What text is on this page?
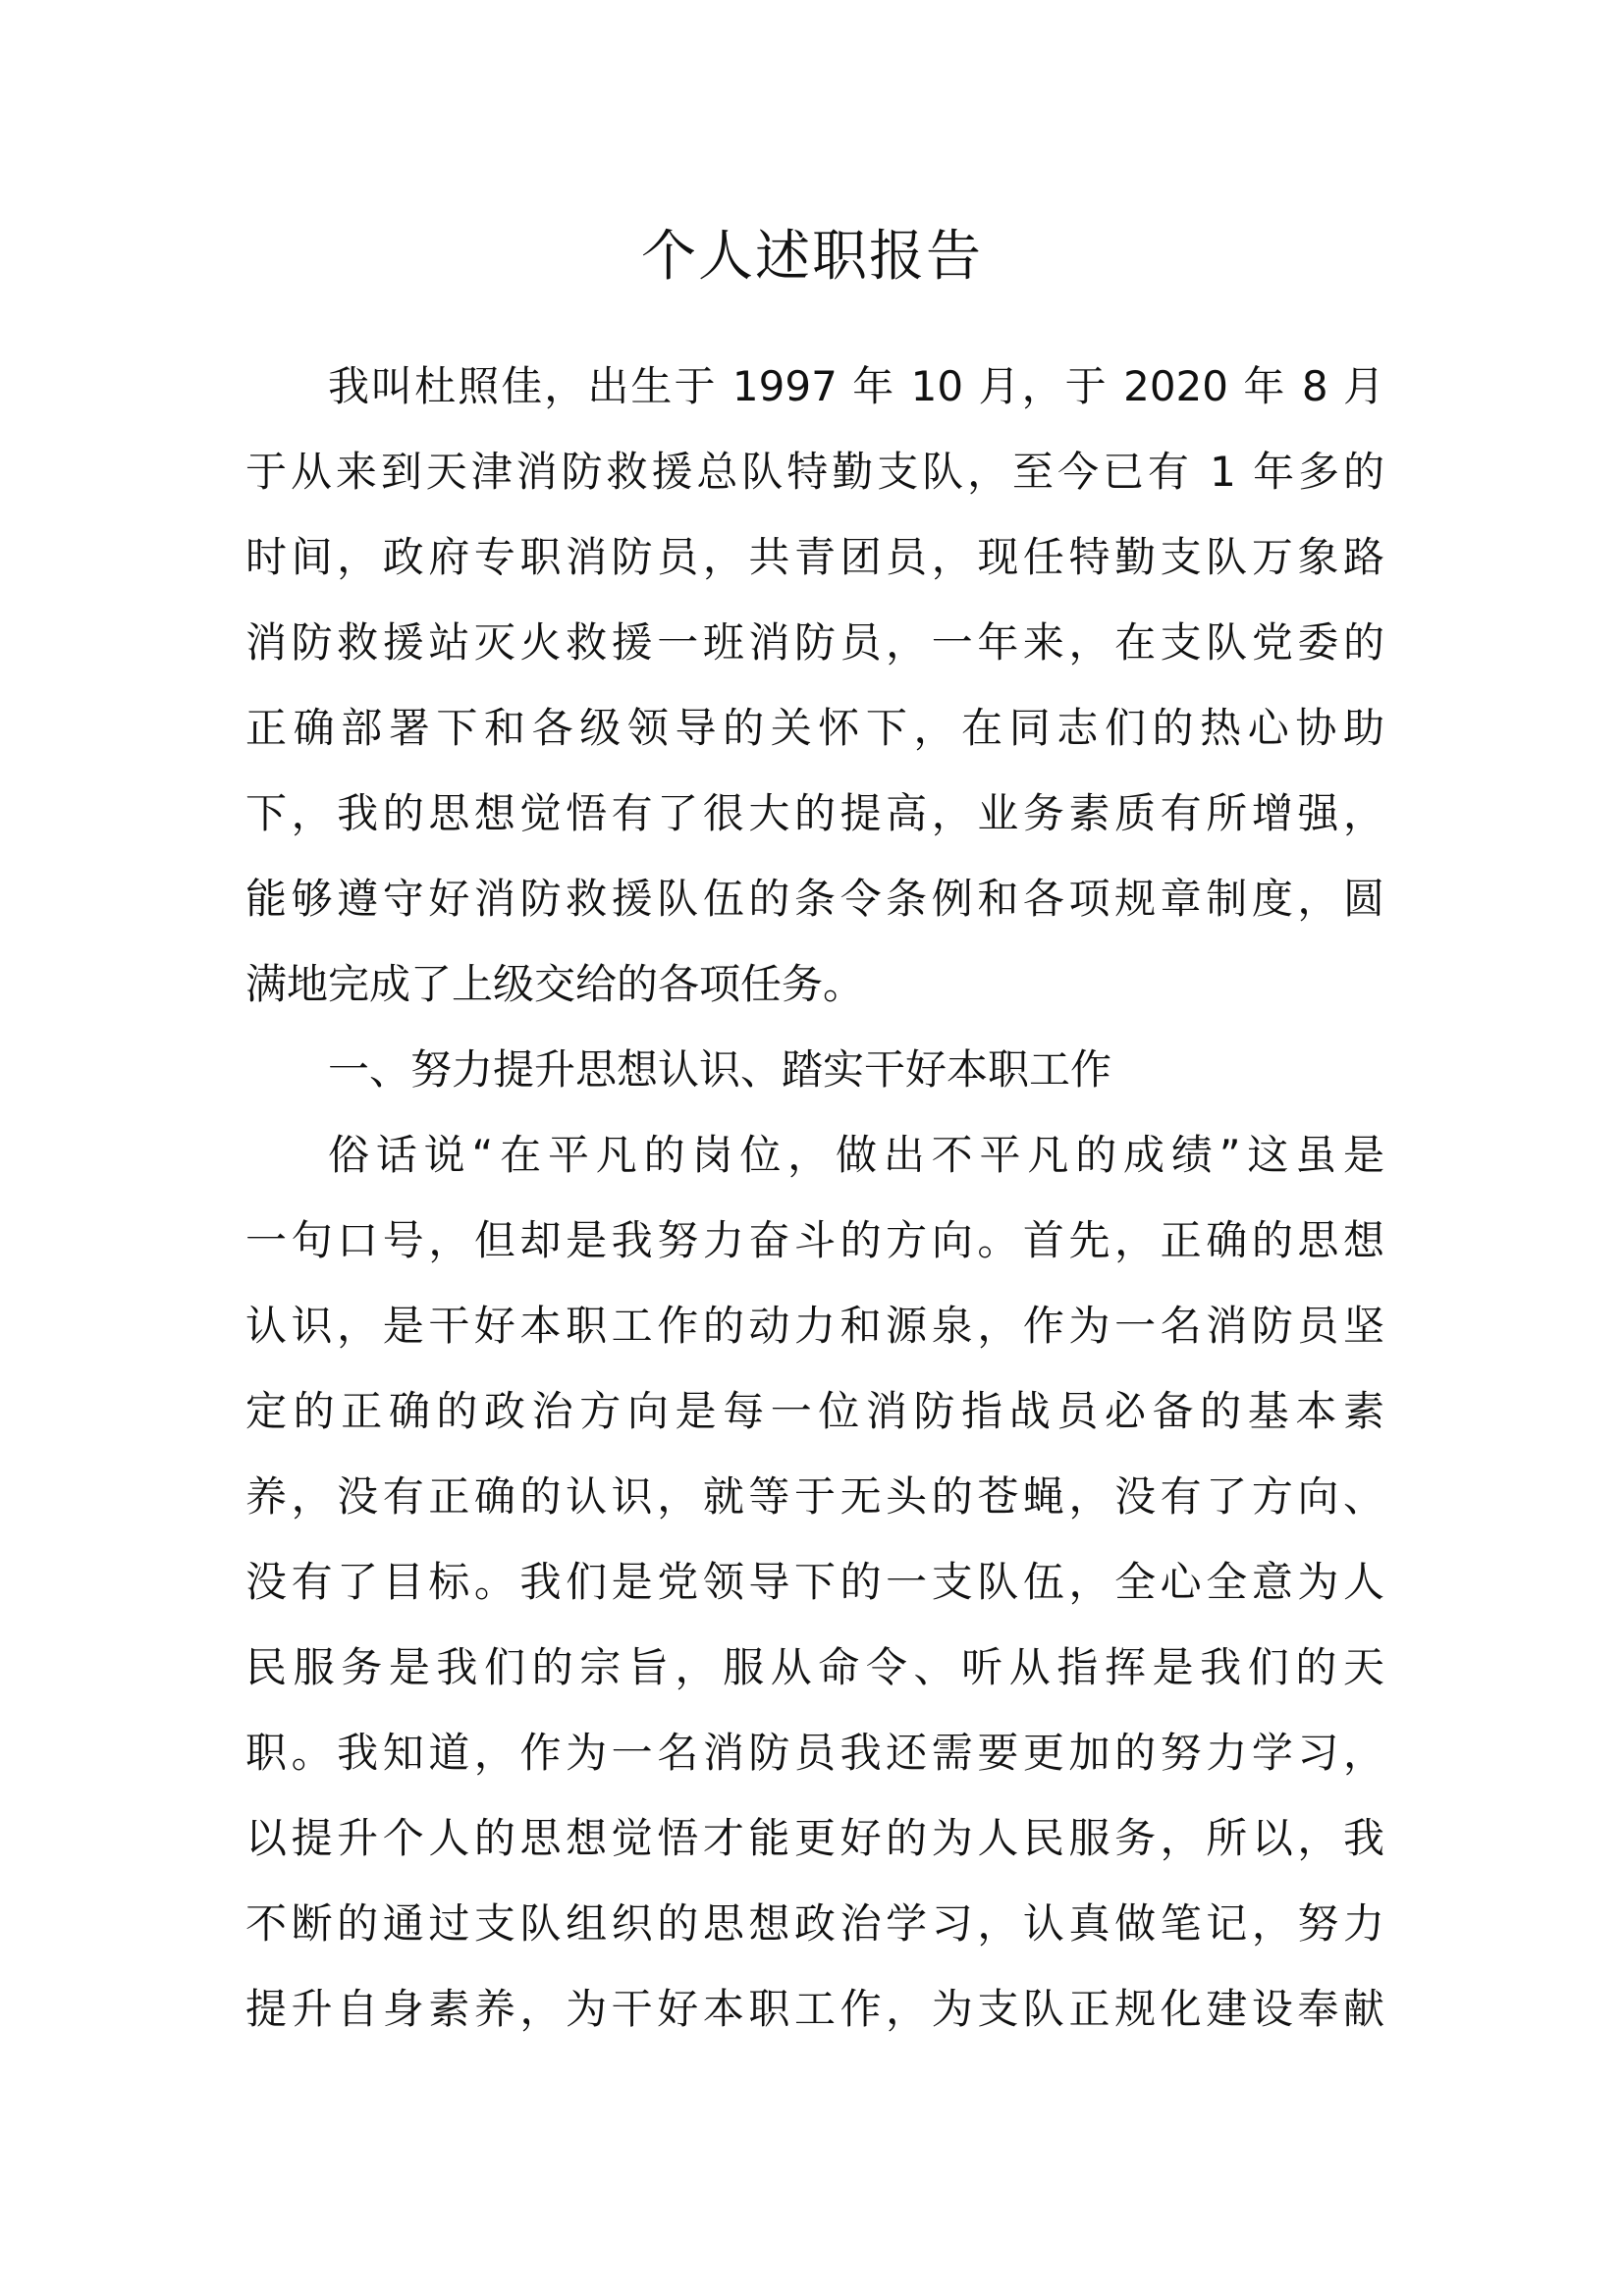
个人述职报告
我叫杜照佳，出生于 1997 年 10 月，于 2020 年 8 月
于从来到天津消防救援总队特勤支队，至今已有 1 年多的
时间，政府专职消防员，共青团员，现任特勤支队万象路
消防救援站灭火救援一班消防员，一年来，在支队党委的
正确部署下和各级领导的关怀下，在同志们的热心协助
下，我的思想觉悟有了很大的提高，业务素质有所增强，
能够遵守好消防救援队伍的条令条例和各项规章制度，圆
满地完成了上级交给的各项任务。
一、努力提升思想认识、踏实干好本职工作
俗话说“在平凡的岗位，做出不平凡的成绩”这虽是
一句口号，但却是我努力奋斗的方向。首先，正确的思想
认识，是干好本职工作的动力和源泉，作为一名消防员坚
定的正确的政治方向是每一位消防指战员必备的基本素
养，没有正确的认识，就等于无头的苍蝇，没有了方向、
没有了目标。我们是党领导下的一支队伍，全心全意为人
民服务是我们的宗旨，服从命令、听从指挥是我们的天
职。我知道，作为一名消防员我还需要更加的努力学习，
以提升个人的思想觉悟才能更好的为人民服务，所以，我
不断的通过支队组织的思想政治学习，认真做笔记，努力
提升自身素养，为干好本职工作，为支队正规化建设奉献
